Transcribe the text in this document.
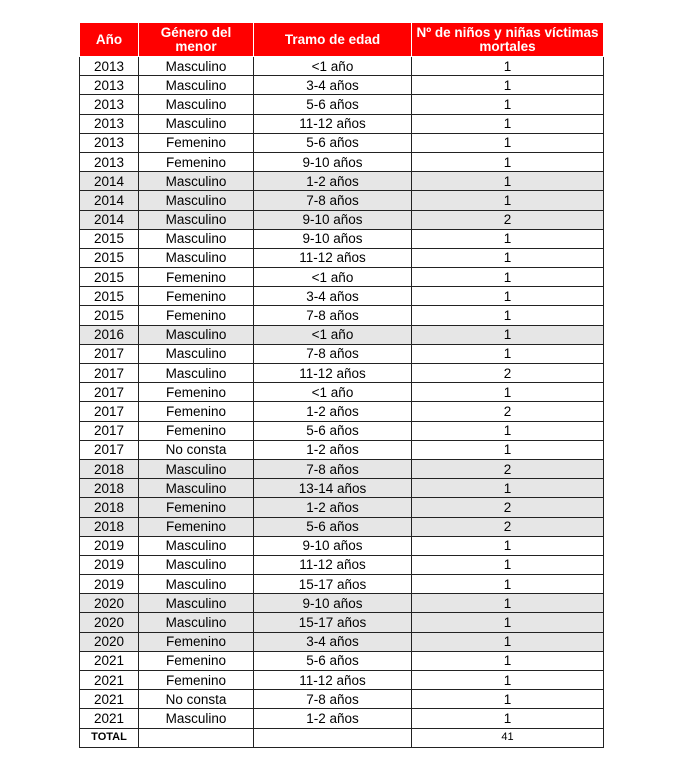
Año	Género del menor	Tramo de edad	Nº de niños y niñas víctimas mortales
2013	Masculino	<1 año	1
2013	Masculino	3-4 años	1
2013	Masculino	5-6 años	1
2013	Masculino	11-12 años	1
2013	Femenino	5-6 años	1
2013	Femenino	9-10 años	1
2014	Masculino	1-2 años	1
2014	Masculino	7-8 años	1
2014	Masculino	9-10 años	2
2015	Masculino	9-10 años	1
2015	Masculino	11-12 años	1
2015	Femenino	<1 año	1
2015	Femenino	3-4 años	1
2015	Femenino	7-8 años	1
2016	Masculino	<1 año	1
2017	Masculino	7-8 años	1
2017	Masculino	11-12 años	2
2017	Femenino	<1 año	1
2017	Femenino	1-2 años	2
2017	Femenino	5-6 años	1
2017	No consta	1-2 años	1
2018	Masculino	7-8 años	2
2018	Masculino	13-14 años	1
2018	Femenino	1-2 años	2
2018	Femenino	5-6 años	2
2019	Masculino	9-10 años	1
2019	Masculino	11-12 años	1
2019	Masculino	15-17 años	1
2020	Masculino	9-10 años	1
2020	Masculino	15-17 años	1
2020	Femenino	3-4 años	1
2021	Femenino	5-6 años	1
2021	Femenino	11-12 años	1
2021	No consta	7-8 años	1
2021	Masculino	1-2 años	1
TOTAL			41
